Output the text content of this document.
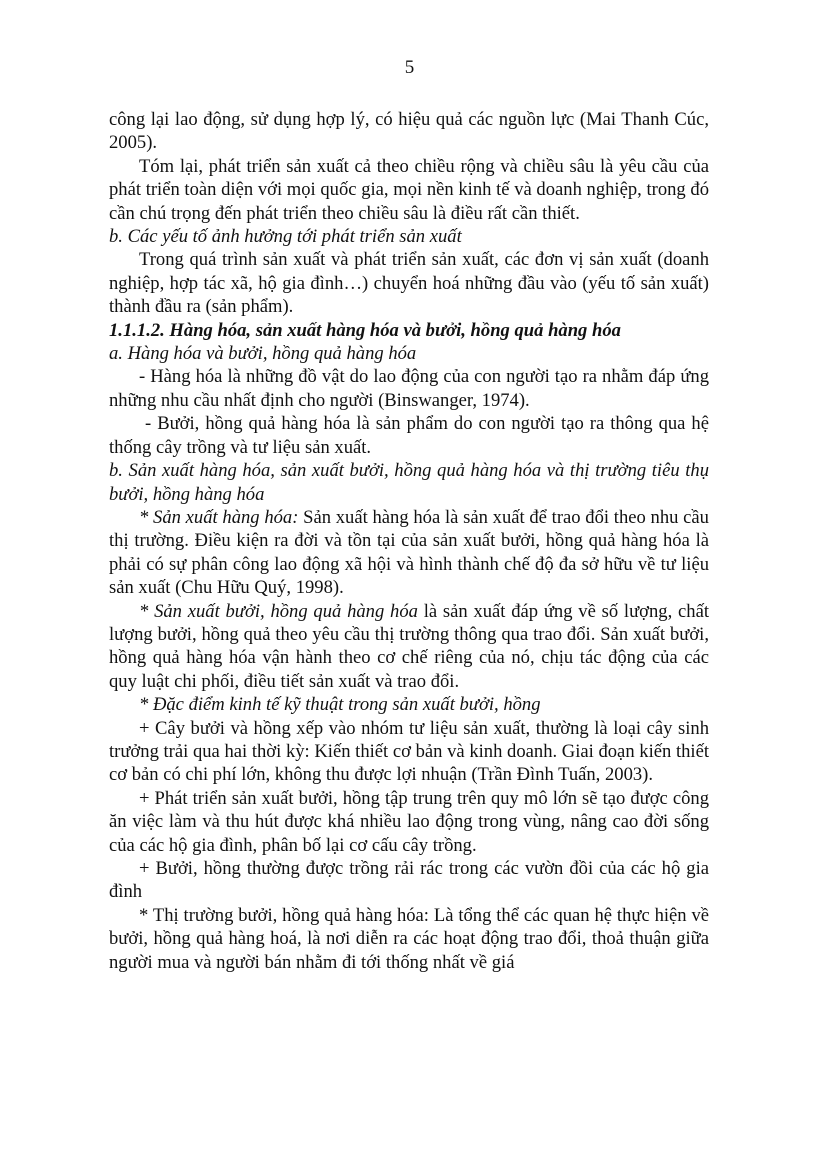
5

công lại lao động, sử dụng hợp lý, có hiệu quả các nguồn lực (Mai Thanh Cúc, 2005).

Tóm lại, phát triển sản xuất cả theo chiều rộng và chiều sâu là yêu cầu của phát triển toàn diện với mọi quốc gia, mọi nền kinh tế và doanh nghiệp, trong đó cần chú trọng đến phát triển theo chiều sâu là điều rất cần thiết.

b. Các yếu tố ảnh hưởng tới phát triển sản xuất

Trong quá trình sản xuất và phát triển sản xuất, các đơn vị sản xuất (doanh nghiệp, hợp tác xã, hộ gia đình…) chuyển hoá những đầu vào (yếu tố sản xuất) thành đầu ra (sản phẩm).

1.1.1.2. Hàng hóa, sản xuất hàng hóa và bưởi, hồng quả hàng hóa

a. Hàng hóa và bưởi, hồng quả hàng hóa

- Hàng hóa là những đồ vật do lao động của con người tạo ra nhằm đáp ứng những nhu cầu nhất định cho người (Binswanger, 1974).

- Bưởi, hồng quả hàng hóa là sản phẩm do con người tạo ra thông qua hệ thống cây trồng và tư liệu sản xuất.

b. Sản xuất hàng hóa, sản xuất bưởi, hồng quả hàng hóa và thị trường tiêu thụ bưởi, hồng hàng hóa

* Sản xuất hàng hóa: Sản xuất hàng hóa là sản xuất để trao đổi theo nhu cầu thị trường. Điều kiện ra đời và tồn tại của sản xuất bưởi, hồng quả hàng hóa là phải có sự phân công lao động xã hội và hình thành chế độ đa sở hữu về tư liệu sản xuất (Chu Hữu Quý, 1998).

* Sản xuất bưởi, hồng quả hàng hóa là sản xuất đáp ứng về số lượng, chất lượng bưởi, hồng quả theo yêu cầu thị trường thông qua trao đổi. Sản xuất bưởi, hồng quả hàng hóa vận hành theo cơ chế riêng của nó, chịu tác động của các quy luật chi phối, điều tiết sản xuất và trao đổi.

* Đặc điểm kinh tế kỹ thuật trong sản xuất bưởi, hồng

+ Cây bưởi và hồng xếp vào nhóm tư liệu sản xuất, thường là loại cây sinh trưởng trải qua hai thời kỳ: Kiến thiết cơ bản và kinh doanh. Giai đoạn kiến thiết cơ bản có chi phí lớn, không thu được lợi nhuận (Trần Đình Tuấn, 2003).

+ Phát triển sản xuất bưởi, hồng tập trung trên quy mô lớn sẽ tạo được công ăn việc làm và thu hút được khá nhiều lao động trong vùng, nâng cao đời sống của các hộ gia đình, phân bố lại cơ cấu cây trồng.

+ Bưởi, hồng thường được trồng rải rác trong các vườn đồi của các hộ gia đình

* Thị trường bưởi, hồng quả hàng hóa: Là tổng thể các quan hệ thực hiện về bưởi, hồng quả hàng hoá, là nơi diễn ra các hoạt động trao đổi, thoả thuận giữa người mua và người bán nhằm đi tới thống nhất về giá
